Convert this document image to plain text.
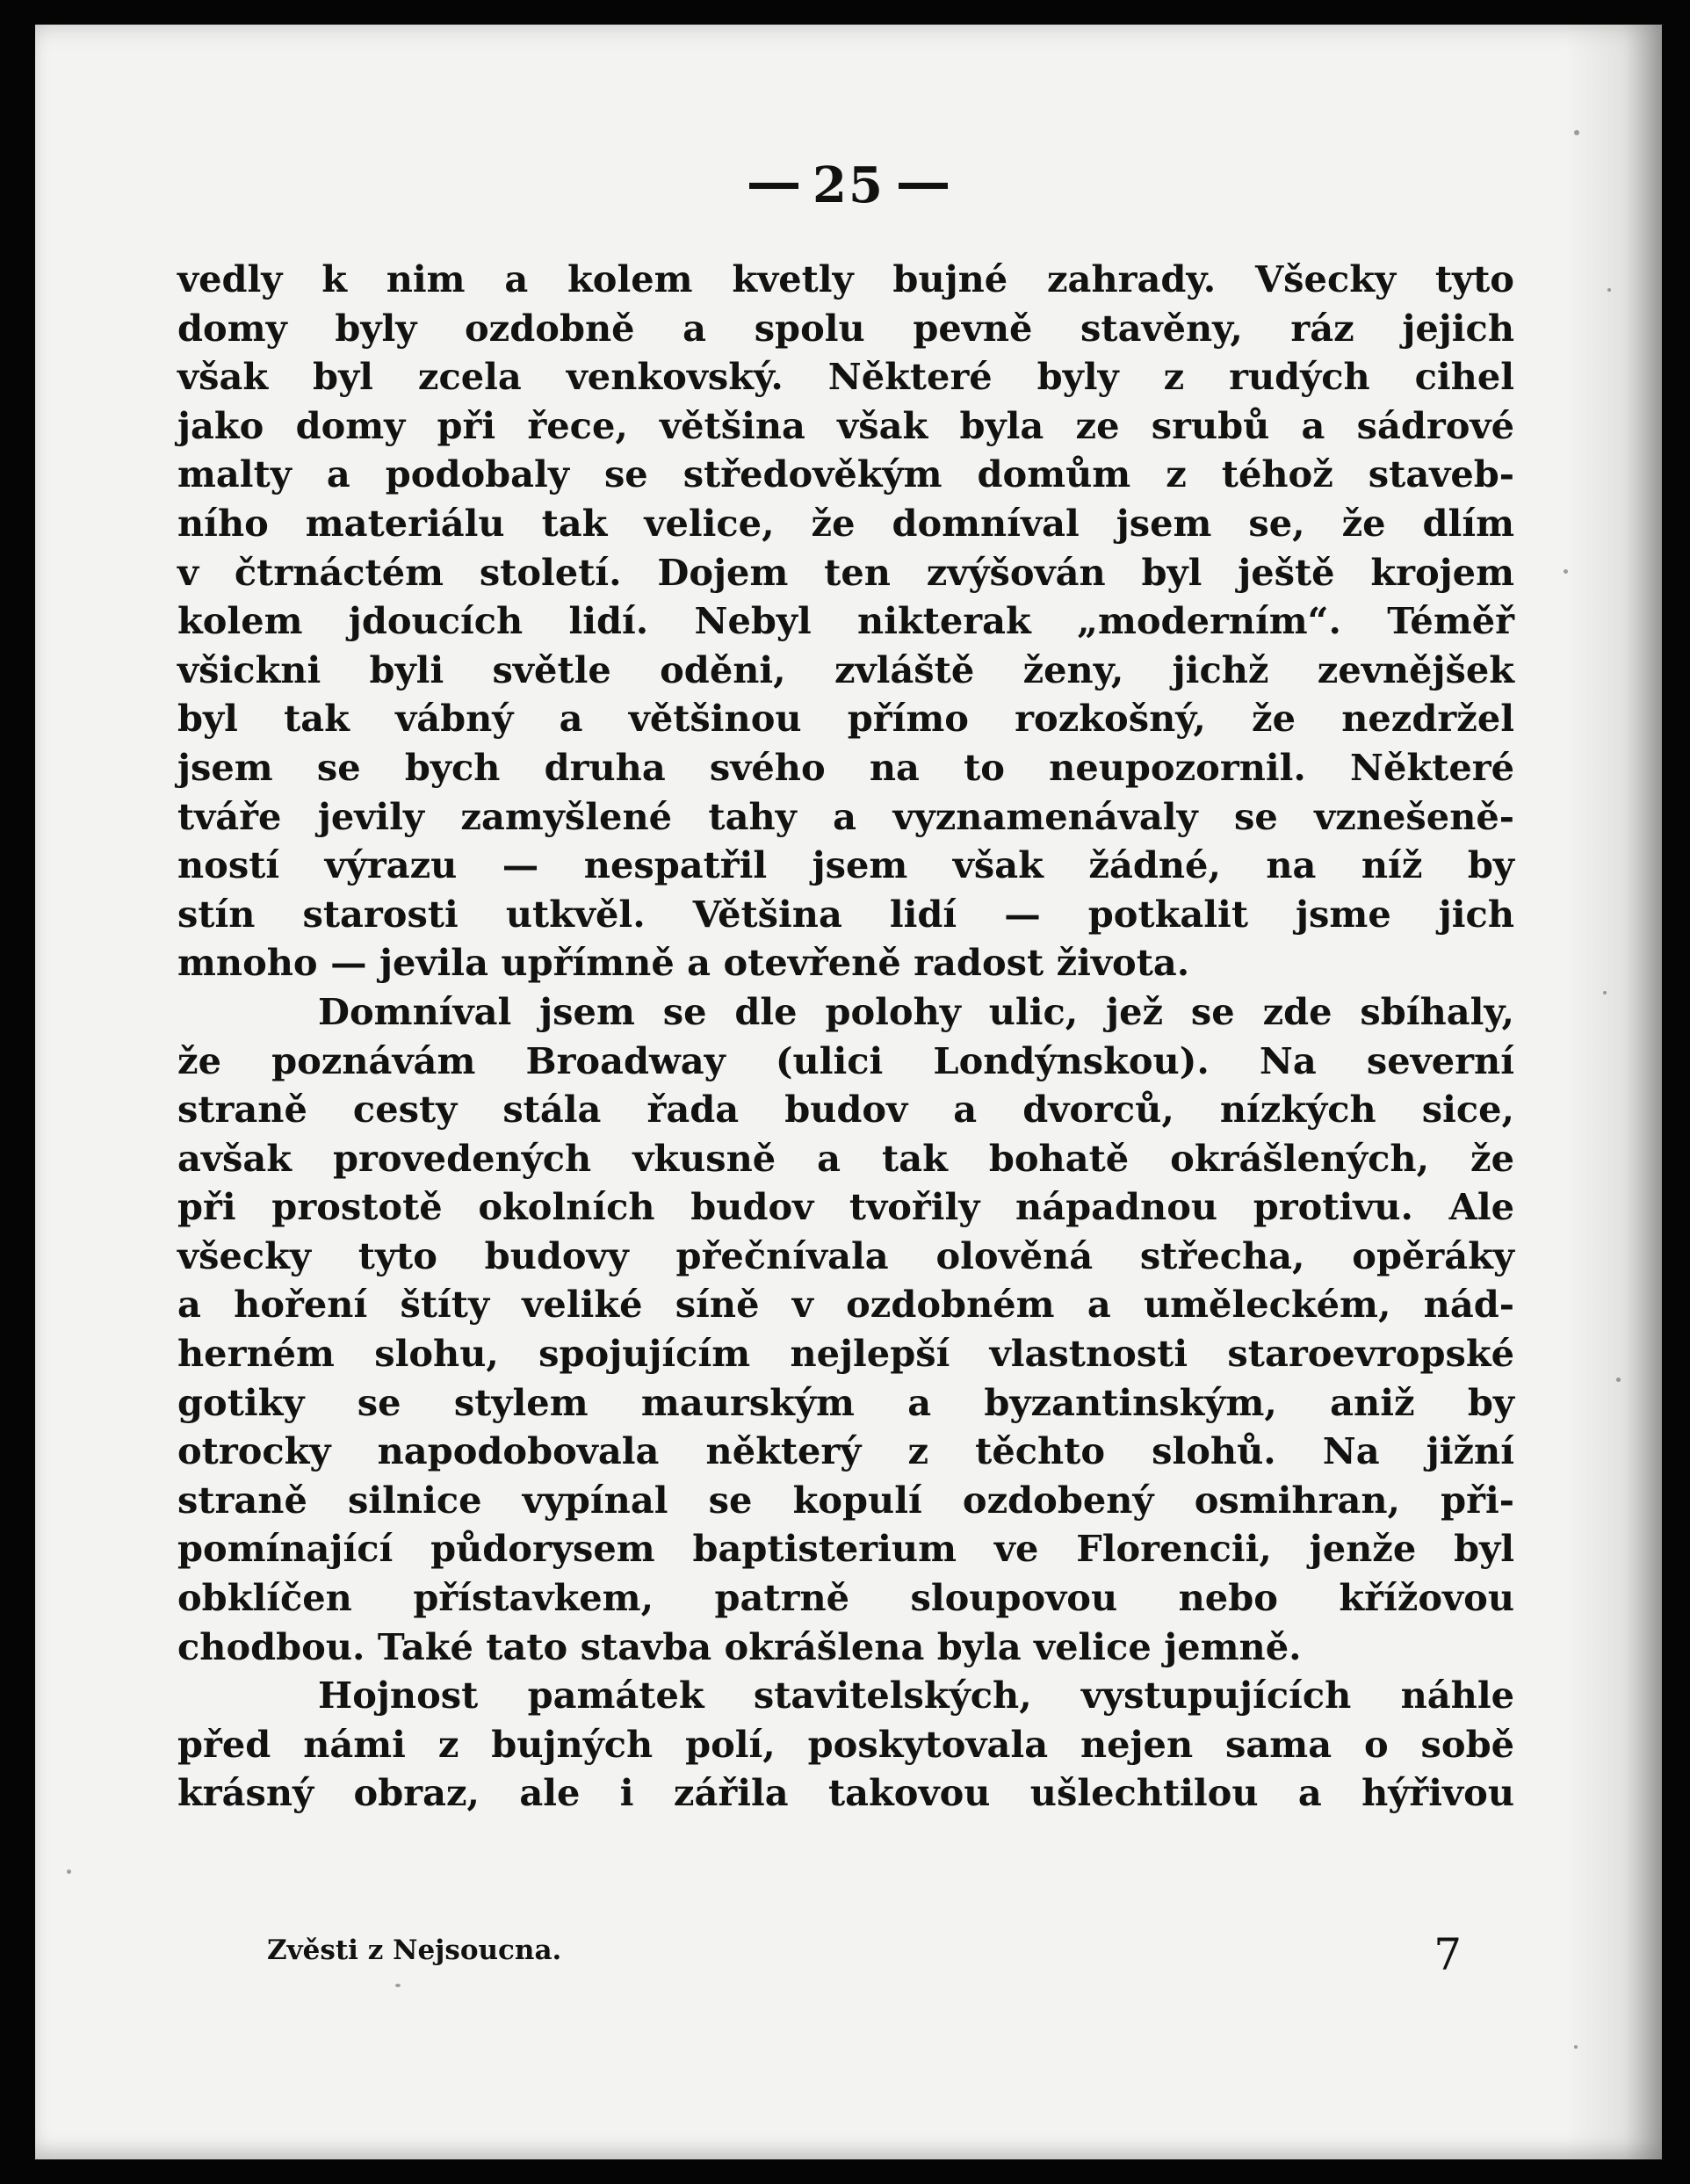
25
vedly k nim a kolem kvetly bujné zahrady. Všecky tyto
domy byly ozdobně a spolu pevně stavěny, ráz jejich
však byl zcela venkovský. Některé byly z rudých cihel
jako domy při řece, většina však byla ze srubů a sádrové
malty a podobaly se středověkým domům z téhož staveb-
ního materiálu tak velice, že domníval jsem se, že dlím
v čtrnáctém století. Dojem ten zvýšován byl ještě krojem
kolem jdoucích lidí. Nebyl nikterak „moderním“. Téměř
všickni byli světle oděni, zvláště ženy, jichž zevnějšek
byl tak vábný a většinou přímo rozkošný, že nezdržel
jsem se bych druha svého na to neupozornil. Některé
tváře jevily zamyšlené tahy a vyznamenávaly se vznešeně-
ností výrazu — nespatřil jsem však žádné, na níž by
stín starosti utkvěl. Většina lidí — potkalit jsme jich
mnoho — jevila upřímně a otevřeně radost života.
Domníval jsem se dle polohy ulic, jež se zde sbíhaly,
že poznávám Broadway (ulici Londýnskou). Na severní
straně cesty stála řada budov a dvorců, nízkých sice,
avšak provedených vkusně a tak bohatě okrášlených, že
při prostotě okolních budov tvořily nápadnou protivu. Ale
všecky tyto budovy přečnívala olověná střecha, opěráky
a hoření štíty veliké síně v ozdobném a uměleckém, nád-
herném slohu, spojujícím nejlepší vlastnosti staroevropské
gotiky se stylem maurským a byzantinským, aniž by
otrocky napodobovala některý z těchto slohů. Na jižní
straně silnice vypínal se kopulí ozdobený osmihran, při-
pomínající půdorysem baptisterium ve Florencii, jenže byl
obklíčen přístavkem, patrně sloupovou nebo křížovou
chodbou. Také tato stavba okrášlena byla velice jemně.
Hojnost památek stavitelských, vystupujících náhle
před námi z bujných polí, poskytovala nejen sama o sobě
krásný obraz, ale i zářila takovou ušlechtilou a hýřivou
Zvěsti z Nejsoucna.	7
